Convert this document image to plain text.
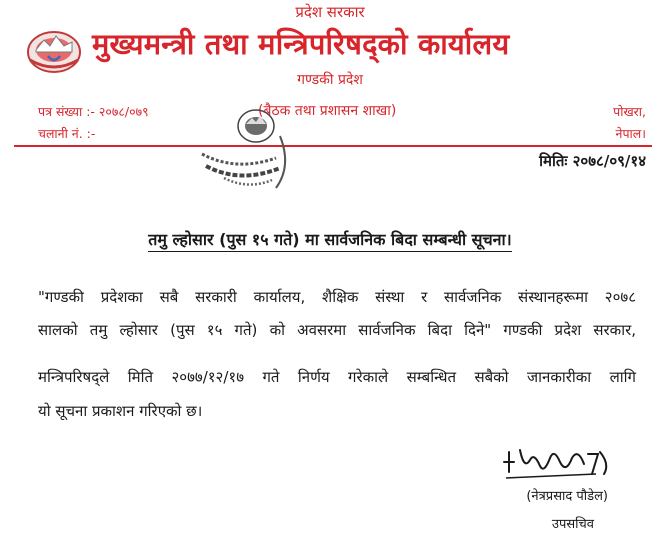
प्रदेश सरकार
मुख्यमन्त्री तथा मन्त्रिपरिषद्को कार्यालय
गण्डकी प्रदेश
पत्र संख्या :- २०७८/०७९
चलानी नं. :-
(बैठक तथा प्रशासन शाखा)	पोखरा,
नेपाल।
मितिः २०७८/०९/१४
तमु ल्होसार (पुस १५ गते) मा सार्वजनिक बिदा सम्बन्धी सूचना।

"गण्डकी प्रदेशका सबै सरकारी कार्यालय, शैक्षिक संस्था र सार्वजनिक संस्थानहरूमा २०७८

सालको तमु ल्होसार (पुस १५ गते) को अवसरमा सार्वजनिक बिदा दिने" गण्डकी प्रदेश सरकार,

मन्त्रिपरिषद्ले मिति २०७७/१२/१७ गते निर्णय गरेकाले सम्बन्धित सबैको जानकारीका लागि

यो सूचना प्रकाशन गरिएको छ।

(नेत्रप्रसाद पौडेल)
उपसचिव
